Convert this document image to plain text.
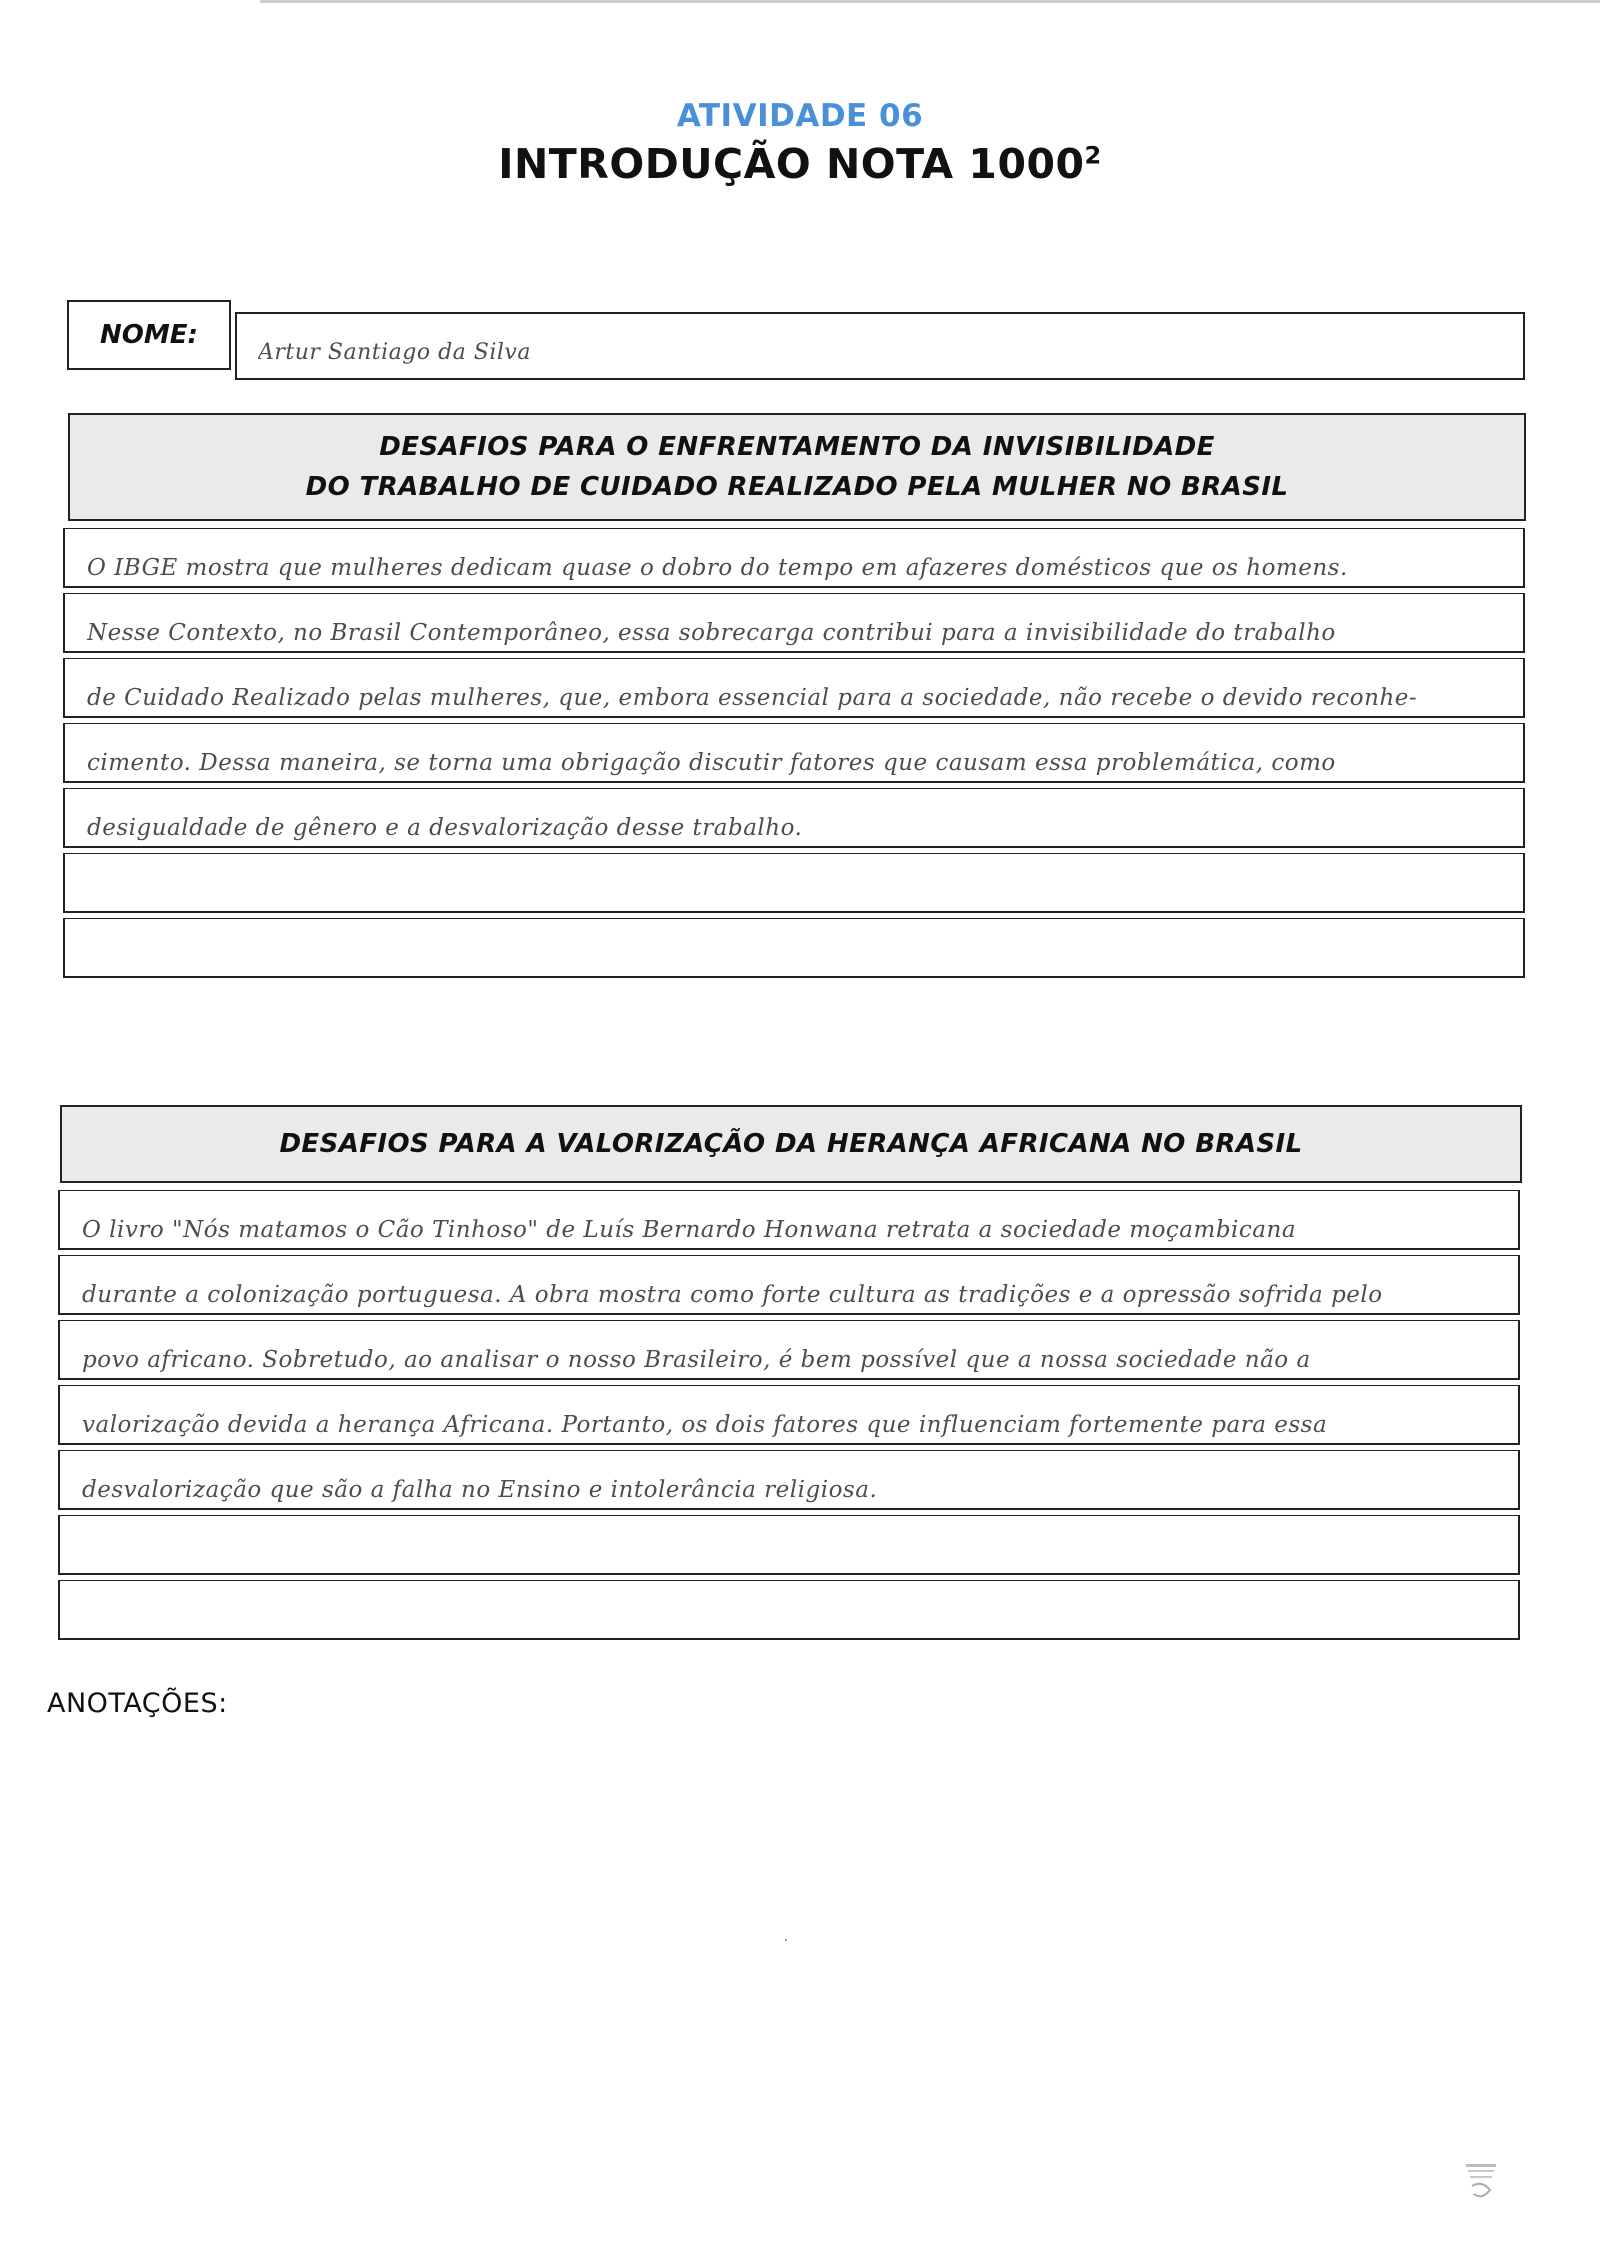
ATIVIDADE 06
INTRODUÇÃO NOTA 1000$^2$
NOME:
Artur Santiago da Silva
DESAFIOS PARA O ENFRENTAMENTO DA INVISIBILIDADE
DO TRABALHO DE CUIDADO REALIZADO PELA MULHER NO BRASIL
O IBGE mostra que mulheres dedicam quase o dobro do tempo em afazeres domésticos que os homens.
Nesse Contexto, no Brasil Contemporâneo, essa sobrecarga contribui para a invisibilidade do trabalho
de Cuidado Realizado pelas mulheres, que, embora essencial para a sociedade, não recebe o devido reconhe-
cimento. Dessa maneira, se torna uma obrigação discutir fatores que causam essa problemática, como
desigualdade de gênero e a desvalorização desse trabalho.
DESAFIOS PARA A VALORIZAÇÃO DA HERANÇA AFRICANA NO BRASIL
O livro "Nós matamos o Cão Tinhoso" de Luís Bernardo Honwana retrata a sociedade moçambicana
durante a colonização portuguesa. A obra mostra como forte cultura as tradições e a opressão sofrida pelo
povo africano. Sobretudo, ao analisar o nosso Brasileiro, é bem possível que a nossa sociedade não a
valorização devida a herança Africana. Portanto, os dois fatores que influenciam fortemente para essa
desvalorização que são a falha no Ensino e intolerância religiosa.
ANOTAÇÕES:
